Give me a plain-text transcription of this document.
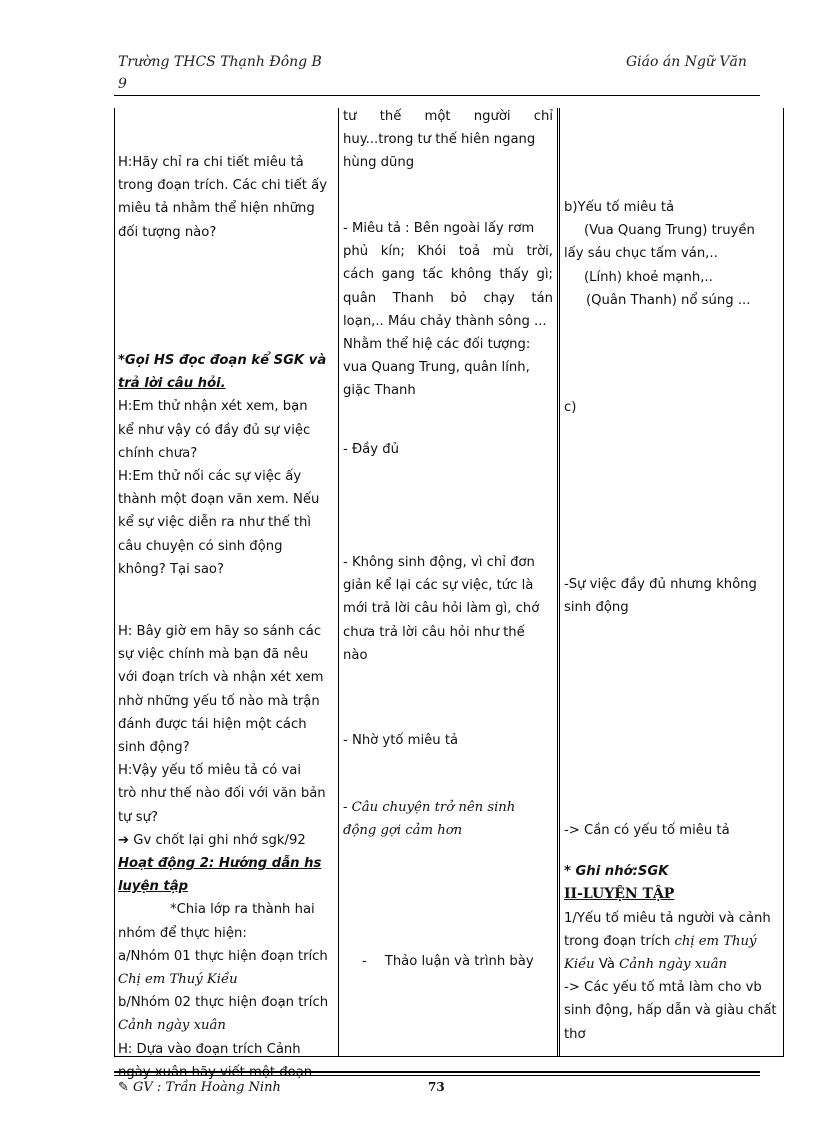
Trường THCS Thạnh Đông B
9
Giáo án Ngữ Văn

H:Hãy chỉ ra chi tiết miêu tả

trong đoạn trích. Các chi tiết ấy

miêu tả nhằm thể hiện những

đối tượng nào?

*Gọi HS đọc đoạn kể SGK và

trả lời câu hỏi.

H:Em thử nhận xét xem, bạn

kể như vậy có đầy đủ sự việc

chính chưa?

H:Em thử nối các sự việc ấy

thành một đoạn văn xem. Nếu

kể sự việc diễn ra như thế thì

câu chuyện có sinh động

không? Tại sao?

H: Bây giờ em hãy so sánh các

sự việc chính mà bạn đã nêu

với đoạn trích và nhận xét xem

nhờ những yếu tố nào mà trận

đánh được tái hiện một cách

sinh động?

H:Vậy yếu tố miêu tả có vai

trò như thế nào đối với văn bản

tự sự?

➔ Gv chốt lại ghi nhớ sgk/92

Hoạt động 2: Hướng dẫn hs

luyện tập

*Chia lớp ra thành hai

nhóm để thực hiện:

a/Nhóm 01 thực hiện đoạn trích

Chị em Thuý Kiều

b/Nhóm 02 thực hiện đoạn trích

Cảnh ngày xuân

H: Dựa vào đoạn trích Cảnh

tư thế một người chỉ

huy...trong tư thế hiên ngang

hùng dũng

- Miêu tả : Bên ngoài lấy rơm

phủ kín; Khói toả mù trời,

cách gang tấc không thấy gì;

quân Thanh bỏ chạy tán

loạn,.. Máu chảy thành sông ...

Nhằm thể hiệ các đối tượng:

vua Quang Trung, quân lính,

giặc Thanh

- Đầy đủ

- Không sinh động, vì chỉ đơn

giản kể lại các sự việc, tức là

mới trả lời câu hỏi làm gì, chớ

chưa trả lời câu hỏi như thế

nào

- Nhờ ytố miêu tả

- Câu chuyện trở nên sinh

động gợi cảm hơn

- Thảo luận và trình bày

b)Yếu tố miêu tả

(Vua Quang Trung) truyền

lấy sáu chục tấm ván,..

(Lính) khoẻ mạnh,..

(Quân Thanh) nổ súng ...

c)

-Sự việc đầy đủ nhưng không

sinh động

-> Cần có yếu tố miêu tả

* Ghi nhớ:SGK

II-LUYỆN TẬP

1/Yếu tố miêu tả người và cảnh

trong đoạn trích chị em Thuý

Kiều Và Cảnh ngày xuân

-> Các yếu tố mtả làm cho vb

sinh động, hấp dẫn và giàu chất

thơ

✎ GV : Trần Hoàng Ninh	73
